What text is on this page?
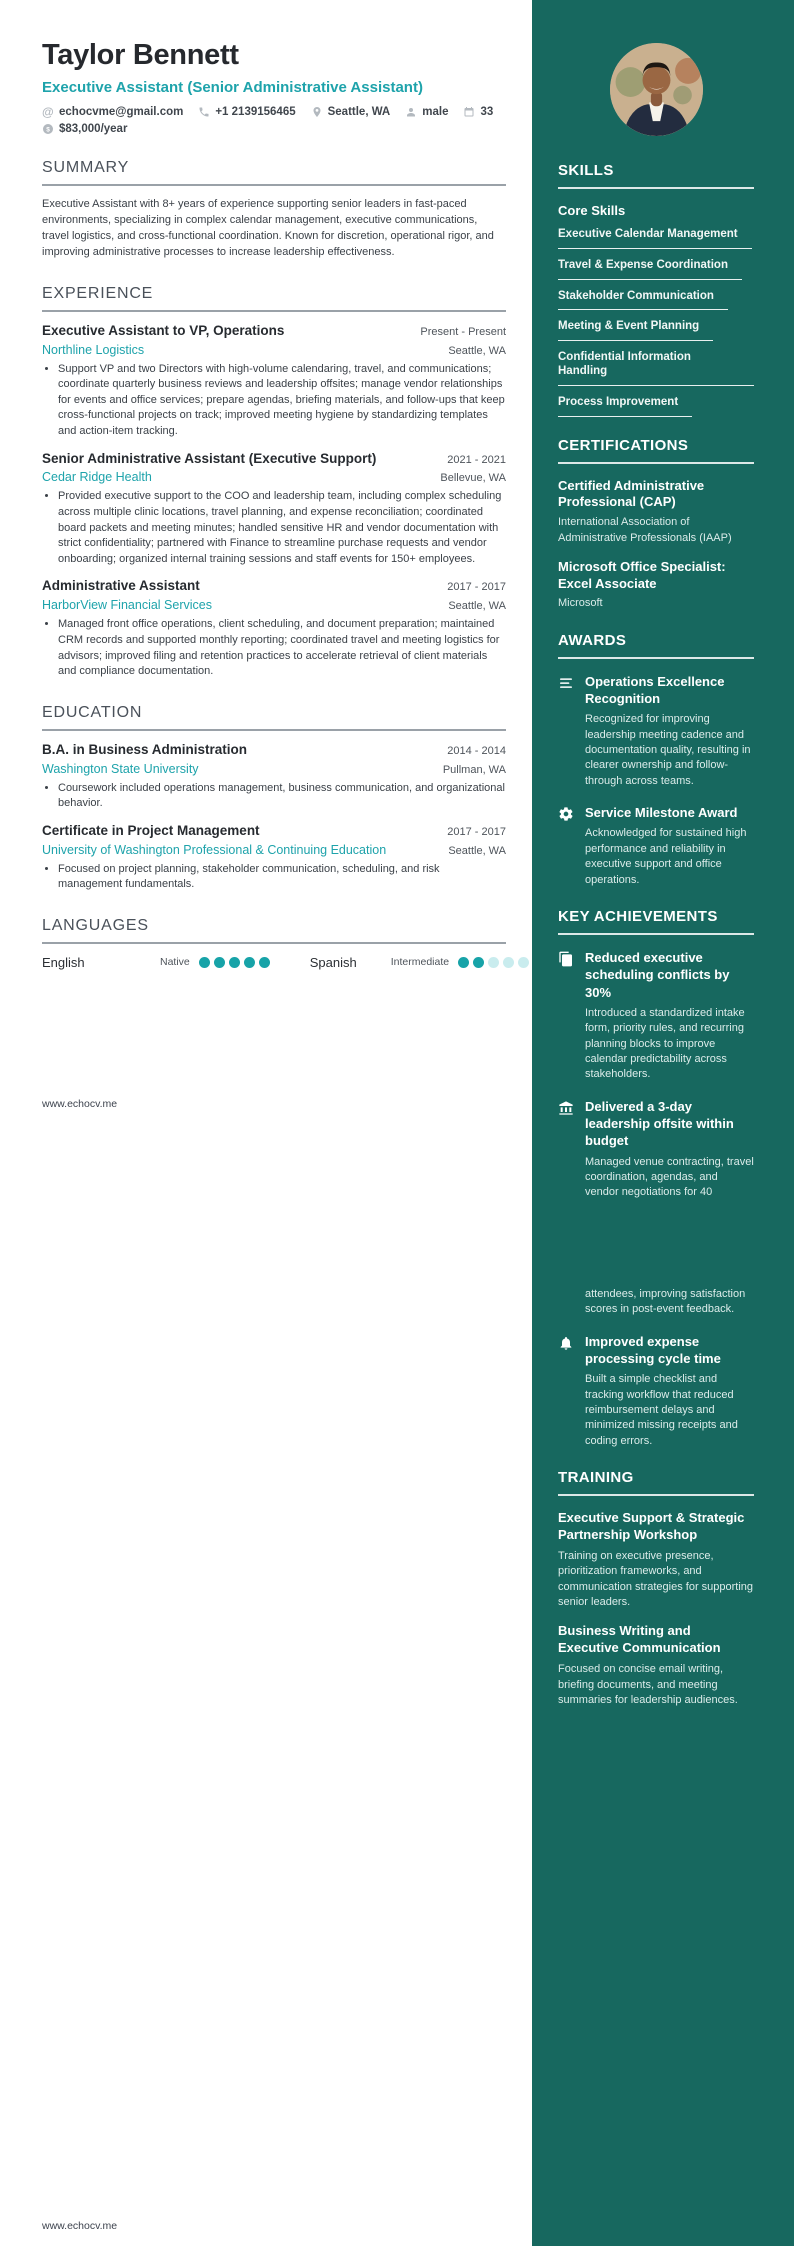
Taylor Bennett
Executive Assistant (Senior Administrative Assistant)
@ echocvme@gmail.com	+1 2139156465	Seattle, WA	male	33
$ $83,000/year
SUMMARY
Executive Assistant with 8+ years of experience supporting senior leaders in fast-paced environments, specializing in complex calendar management, executive communications, travel logistics, and cross-functional coordination. Known for discretion, operational rigor, and improving administrative processes to increase leadership effectiveness.
EXPERIENCE
Executive Assistant to VP, Operations	Present - Present
Northline Logistics	Seattle, WA
• Support VP and two Directors with high-volume calendaring, travel, and communications; coordinate quarterly business reviews and leadership offsites; manage vendor relationships for events and office services; prepare agendas, briefing materials, and follow-ups that keep cross-functional projects on track; improved meeting hygiene by standardizing templates and action-item tracking.
Senior Administrative Assistant (Executive Support)	2021 - 2021
Cedar Ridge Health	Bellevue, WA
• Provided executive support to the COO and leadership team, including complex scheduling across multiple clinic locations, travel planning, and expense reconciliation; coordinated board packets and meeting minutes; handled sensitive HR and vendor documentation with strict confidentiality; partnered with Finance to streamline purchase requests and vendor onboarding; organized internal training sessions and staff events for 150+ employees.
Administrative Assistant	2017 - 2017
HarborView Financial Services	Seattle, WA
• Managed front office operations, client scheduling, and document preparation; maintained CRM records and supported monthly reporting; coordinated travel and meeting logistics for advisors; improved filing and retention practices to accelerate retrieval of client materials and compliance documentation.
EDUCATION
B.A. in Business Administration	2014 - 2014
Washington State University	Pullman, WA
• Coursework included operations management, business communication, and organizational behavior.
Certificate in Project Management	2017 - 2017
University of Washington Professional & Continuing Education	Seattle, WA
• Focused on project planning, stakeholder communication, scheduling, and risk management fundamentals.
LANGUAGES
English	Native	Spanish	Intermediate
www.echocv.me
www.echocv.me
SKILLS
Core Skills
Executive Calendar Management
Travel & Expense Coordination
Stakeholder Communication
Meeting & Event Planning
Confidential Information Handling
Process Improvement
CERTIFICATIONS
Certified Administrative Professional (CAP)
International Association of Administrative Professionals (IAAP)
Microsoft Office Specialist: Excel Associate
Microsoft
AWARDS
Operations Excellence Recognition
Recognized for improving leadership meeting cadence and documentation quality, resulting in clearer ownership and follow-through across teams.
Service Milestone Award
Acknowledged for sustained high performance and reliability in executive support and office operations.
KEY ACHIEVEMENTS
Reduced executive scheduling conflicts by 30%
Introduced a standardized intake form, priority rules, and recurring planning blocks to improve calendar predictability across stakeholders.
Delivered a 3-day leadership offsite within budget
Managed venue contracting, travel coordination, agendas, and vendor negotiations for 40
attendees, improving satisfaction scores in post-event feedback.
Improved expense processing cycle time
Built a simple checklist and tracking workflow that reduced reimbursement delays and minimized missing receipts and coding errors.
TRAINING
Executive Support & Strategic Partnership Workshop
Training on executive presence, prioritization frameworks, and communication strategies for supporting senior leaders.
Business Writing and Executive Communication
Focused on concise email writing, briefing documents, and meeting summaries for leadership audiences.
